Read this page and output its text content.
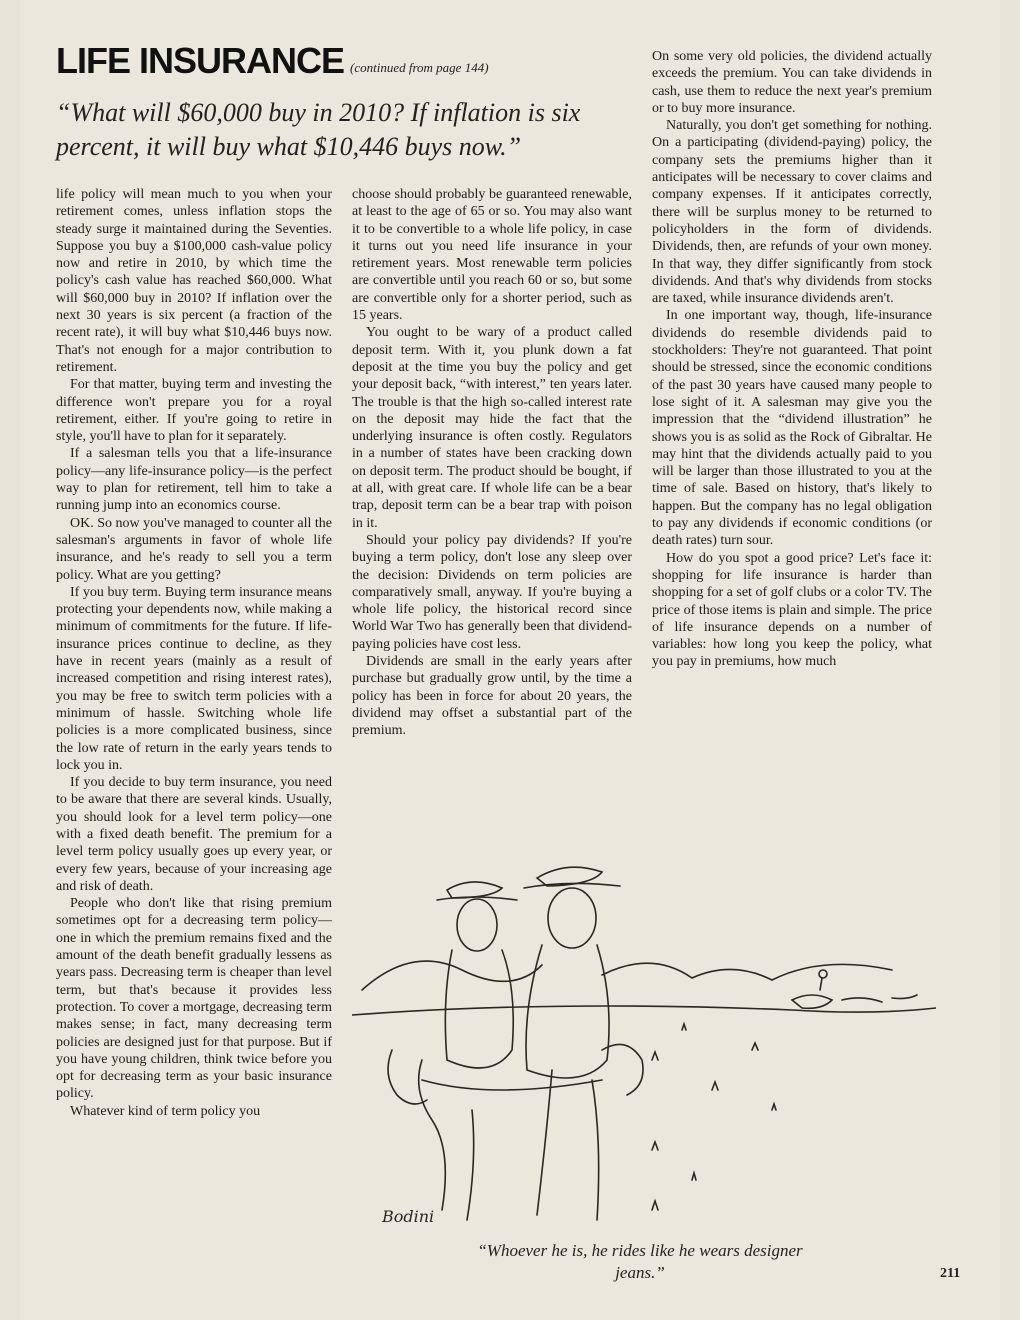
LIFE INSURANCE (continued from page 144)
“What will $60,000 buy in 2010? If inflation is six percent, it will buy what $10,446 buys now.”

life policy will mean much to you when your retirement comes, unless inflation stops the steady surge it maintained during the Seventies. Suppose you buy a $100,000 cash-value policy now and retire in 2010, by which time the policy's cash value has reached $60,000. What will $60,000 buy in 2010? If inflation over the next 30 years is six percent (a fraction of the recent rate), it will buy what $10,446 buys now. That's not enough for a major contribution to retirement.

For that matter, buying term and investing the difference won't prepare you for a royal retirement, either. If you're going to retire in style, you'll have to plan for it separately.

If a salesman tells you that a life-insurance policy—any life-insurance policy—is the perfect way to plan for retirement, tell him to take a running jump into an economics course.

OK. So now you've managed to counter all the salesman's arguments in favor of whole life insurance, and he's ready to sell you a term policy. What are you getting?

If you buy term. Buying term insurance means protecting your dependents now, while making a minimum of commitments for the future. If life-insurance prices continue to decline, as they have in recent years (mainly as a result of increased competition and rising interest rates), you may be free to switch term policies with a minimum of hassle. Switching whole life policies is a more complicated business, since the low rate of return in the early years tends to lock you in.

If you decide to buy term insurance, you need to be aware that there are several kinds. Usually, you should look for a level term policy—one with a fixed death benefit. The premium for a level term policy usually goes up every year, or every few years, because of your increasing age and risk of death.

People who don't like that rising premium sometimes opt for a decreasing term policy—one in which the premium remains fixed and the amount of the death benefit gradually lessens as years pass. Decreasing term is cheaper than level term, but that's because it provides less protection. To cover a mortgage, decreasing term makes sense; in fact, many decreasing term policies are designed just for that purpose. But if you have young children, think twice before you opt for decreasing term as your basic insurance policy.

Whatever kind of term policy you

choose should probably be guaranteed renewable, at least to the age of 65 or so. You may also want it to be convertible to a whole life policy, in case it turns out you need life insurance in your retirement years. Most renewable term policies are convertible until you reach 60 or so, but some are convertible only for a shorter period, such as 15 years.

You ought to be wary of a product called deposit term. With it, you plunk down a fat deposit at the time you buy the policy and get your deposit back, “with interest,” ten years later. The trouble is that the high so-called interest rate on the deposit may hide the fact that the underlying insurance is often costly. Regulators in a number of states have been cracking down on deposit term. The product should be bought, if at all, with great care. If whole life can be a bear trap, deposit term can be a bear trap with poison in it.

Should your policy pay dividends? If you're buying a term policy, don't lose any sleep over the decision: Dividends on term policies are comparatively small, anyway. If you're buying a whole life policy, the historical record since World War Two has generally been that dividend-paying policies have cost less.

Dividends are small in the early years after purchase but gradually grow until, by the time a policy has been in force for about 20 years, the dividend may offset a substantial part of the premium.

On some very old policies, the dividend actually exceeds the premium. You can take dividends in cash, use them to reduce the next year's premium or to buy more insurance.

Naturally, you don't get something for nothing. On a participating (dividend-paying) policy, the company sets the premiums higher than it anticipates will be necessary to cover claims and company expenses. If it anticipates correctly, there will be surplus money to be returned to policyholders in the form of dividends. Dividends, then, are refunds of your own money. In that way, they differ significantly from stock dividends. And that's why dividends from stocks are taxed, while insurance dividends aren't.

In one important way, though, life-insurance dividends do resemble dividends paid to stockholders: They're not guaranteed. That point should be stressed, since the economic conditions of the past 30 years have caused many people to lose sight of it. A salesman may give you the impression that the “dividend illustration” he shows you is as solid as the Rock of Gibraltar. He may hint that the dividends actually paid to you will be larger than those illustrated to you at the time of sale. Based on history, that's likely to happen. But the company has no legal obligation to pay any dividends if economic conditions (or death rates) turn sour.

How do you spot a good price? Let's face it: shopping for life insurance is harder than shopping for a set of golf clubs or a color TV. The price of those items is plain and simple. The price of life insurance depends on a number of variables: how long you keep the policy, what you pay in premiums, how much

Bodini
“Whoever he is, he rides like he wears designer jeans.”	211
